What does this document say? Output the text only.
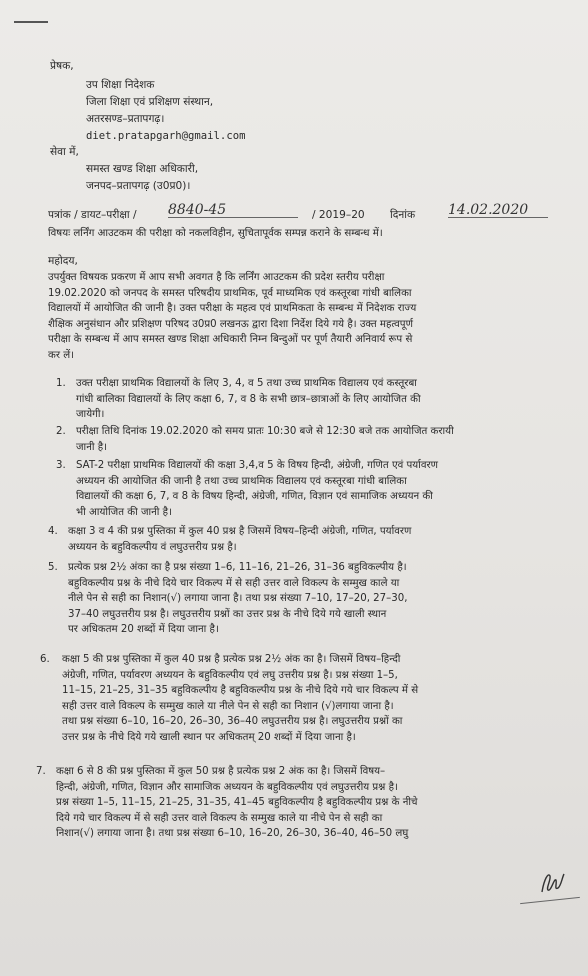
प्रेषक,
उप शिक्षा निदेशक
जिला शिक्षा एवं प्रशिक्षण संस्थान,
अतरसण्ड–प्रतापगढ़।
diet.pratapgarh@gmail.com
सेवा में,
समस्त खण्ड शिक्षा अधिकारी,
जनपद–प्रतापगढ़ (उ0प्र0)।
पत्रांक / डायट–परीक्षा / 8840-45	/ 2019–20 दिनांक 14.02.2020
विषयः लर्निंग आउटकम की परीक्षा को नकलविहीन, सुचितापूर्वक सम्पन्न कराने के सम्बन्ध में।
महोदय,
उपर्युक्त विषयक प्रकरण में आप सभी अवगत है कि लर्निंग आउटकम की प्रदेश स्तरीय परीक्षा
19.02.2020 को जनपद के समस्त परिषदीय प्राथमिक, पूर्व माध्यमिक एवं कस्तूरबा गांधी बालिका
विद्यालयों में आयोजित की जानी है। उक्त परीक्षा के महत्व एवं प्राथमिकता के सम्बन्ध में निदेशक राज्य
शैक्षिक अनुसंधान और प्रशिक्षण परिषद उ0प्र0 लखनऊ द्वारा दिशा निर्देश दिये गये है। उक्त महत्वपूर्ण
परीक्षा के सम्बन्ध में आप समस्त खण्ड शिक्षा अधिकारी निम्न बिन्दुओं पर पूर्ण तैयारी अनिवार्य रूप से
कर लें।
1. उक्त परीक्षा प्राथमिक विद्यालयों के लिए 3, 4, व 5 तथा उच्च प्राथमिक विद्यालय एवं कस्तूरबा
गांधी बालिका विद्यालयों के लिए कक्षा 6, 7, व 8 के सभी छात्र–छात्राओं के लिए आयोजित की
जायेगी।
2. परीक्षा तिथि दिनांक 19.02.2020 को समय प्रातः 10:30 बजे से 12:30 बजे तक आयोजित करायी
जानी है।
3. SAT-2 परीक्षा प्राथमिक विद्यालयों की कक्षा 3,4,व 5 के विषय हिन्दी, अंग्रेजी, गणित एवं पर्यावरण
अध्ययन की आयोजित की जानी है तथा उच्च प्राथमिक विद्यालय एवं कस्तूरबा गांधी बालिका
विद्यालयों की कक्षा 6, 7, व 8 के विषय हिन्दी, अंग्रेजी, गणित, विज्ञान एवं सामाजिक अध्ययन की
भी आयोजित की जानी है।
4. कक्षा 3 व 4 की प्रश्न पुस्तिका में कुल 40 प्रश्न है जिसमें विषय–हिन्दी अंग्रेजी, गणित, पर्यावरण
अध्ययन के बहुविकल्पीय वं लघुउत्तरीय प्रश्न है।
5. प्रत्येक प्रश्न 2½ अंका का है प्रश्न संख्या 1–6, 11–16, 21–26, 31–36 बहुविकल्पीय है।
बहुविकल्पीय प्रश्न के नीचे दिये चार विकल्प में से सही उत्तर वाले विकल्प के सम्मुख काले या
नीले पेन से सही का निशान(√) लगाया जाना है। तथा प्रश्न संख्या 7–10, 17–20, 27–30,
37–40 लघुउत्तरीय प्रश्न है। लघुउत्तरीय प्रश्नों का उत्तर प्रश्न के नीचे दिये गये खाली स्थान
पर अधिकतम 20 शब्दों में दिया जाना है।
6. कक्षा 5 की प्रश्न पुस्तिका में कुल 40 प्रश्न है प्रत्येक प्रश्न 2½ अंक का है। जिसमें विषय–हिन्दी
अंग्रेजी, गणित, पर्यावरण अध्ययन के बहुविकल्पीय एवं लघु उत्तरीय प्रश्न है। प्रश्न संख्या 1–5,
11–15, 21–25, 31–35 बहुविकल्पीय है बहुविकल्पीय प्रश्न के नीचे दिये गये चार विकल्प में से
सही उत्तर वाले विकल्प के सम्मुख काले या नीले पेन से सही का निशान (√)लगाया जाना है।
तथा प्रश्न संख्या 6–10, 16–20, 26–30, 36–40 लघुउत्तरीय प्रश्न है। लघुउत्तरीय प्रश्नों का
उत्तर प्रश्न के नीचे दिये गये खाली स्थान पर अधिकतम् 20 शब्दों में दिया जाना है।
7. कक्षा 6 से 8 की प्रश्न पुस्तिका में कुल 50 प्रश्न है प्रत्येक प्रश्न 2 अंक का है। जिसमें विषय–
हिन्दी, अंग्रेजी, गणित, विज्ञान और सामाजिक अध्ययन के बहुविकल्पीय एवं लघुउत्तरीय प्रश्न है।
प्रश्न संख्या 1–5, 11–15, 21–25, 31–35, 41–45 बहुविकल्पीय है बहुविकल्पीय प्रश्न के नीचे
दिये गये चार विकल्प में से सही उत्तर वाले विकल्प के सम्मुख काले या नीचे पेन से सही का
निशान(√) लगाया जाना है। तथा प्रश्न संख्या 6–10, 16–20, 26–30, 36–40, 46–50 लघु
